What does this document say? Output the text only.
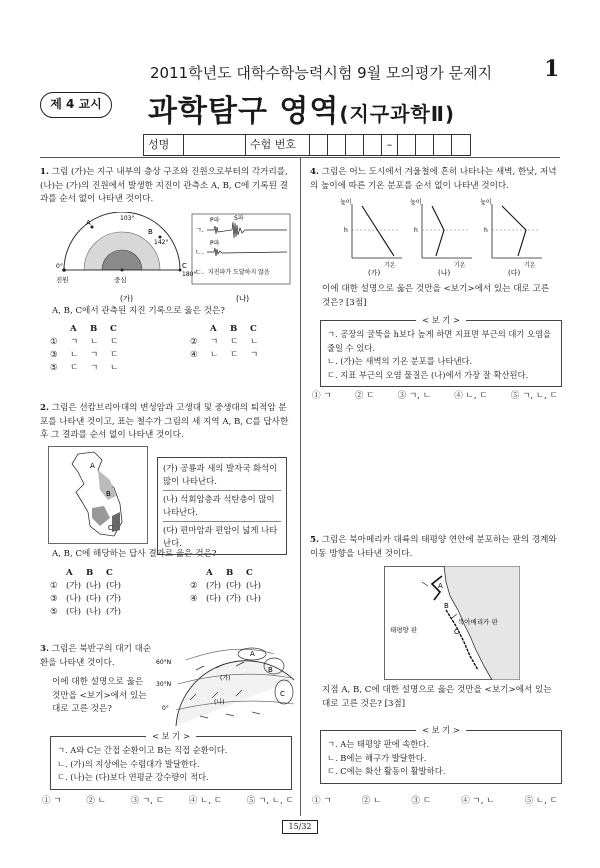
2011학년도 대학수학능력시험 9월 모의평가 문제지 1
제 4 교시	과학탐구 영역(지구과학Ⅱ)
성명	수험 번호	–
1. 그림 (가)는 지구 내부의 층상 구조와 진원으로부터의 각거리를, (나)는 (가)의 진원에서 발생한 지진이 관측소 A, B, C에 기록된 결과를 순서 없이 나타낸 것이다.
A
103°
B
142°
C
180°
0°
진원	중심
ㄱ.
P파 S파
ㄴ.
P파
ㄷ. 지진파가 도달하지 않음
(가)	(나)
A, B, C에서 관측된 지진 기록으로 옳은 것은?
A	B	C	A	B	C
①	ㄱ	ㄴ	ㄷ	②	ㄱ	ㄷ	ㄴ
③	ㄴ	ㄱ	ㄷ	④	ㄴ	ㄷ	ㄱ
⑤	ㄷ	ㄱ	ㄴ
2. 그림은 선캄브리아대의 변성암과 고생대 및 중생대의 퇴적암 분포를 나타낸 것이고, 표는 철수가 그림의 세 지역 A, B, C를 답사한 후 그 결과를 순서 없이 나타낸 것이다.
A
B
C
(가) 공룡과 새의 발자국 화석이 많이 나타난다.
(나) 석회암층과 석탄층이 많이 나타난다.
(다) 편마암과 편암이 넓게 나타난다.
A, B, C에 해당하는 답사 결과로 옳은 것은?
A	B	C	A	B	C
① (가) (나) (다)	② (가) (다) (나)
③ (나) (다) (가)	④ (다) (가) (나)
⑤ (다) (나) (가)
3. 그림은 북반구의 대기 대순환을 나타낸 것이다.
이에 대한 설명으로 옳은 것만을 <보기>에서 있는 대로 고른 것은?
A
B
C
60°N
30°N
0°
(가)
(나)
< 보 기 >
ㄱ. A와 C는 간접 순환이고 B는 직접 순환이다.
ㄴ. (가)의 지상에는 수렴대가 발달한다.
ㄷ. (나)는 (다)보다 연평균 강수량이 적다.
① ㄱ	② ㄴ	③ ㄱ, ㄷ	④ ㄴ, ㄷ	⑤ ㄱ, ㄴ, ㄷ
4. 그림은 어느 도시에서 겨울철에 흔히 나타나는 새벽, 한낮, 저녁의 높이에 따른 기온 분포를 순서 없이 나타낸 것이다.
높이
h
기온
(가)
높이
h
기온
(나)
높이
h
기온
(다)
이에 대한 설명으로 옳은 것만을 <보기>에서 있는 대로 고른 것은? [3점]
< 보 기 >
ㄱ. 공장의 굴뚝을 h보다 높게 하면 지표면 부근의 대기 오염을 줄일 수 있다.
ㄴ. (가)는 새벽의 기온 분포를 나타낸다.
ㄷ. 지표 부근의 오염 물질은 (나)에서 가장 잘 확산된다.
① ㄱ	② ㄷ	③ ㄱ, ㄴ	④ ㄴ, ㄷ	⑤ ㄱ, ㄴ, ㄷ
5. 그림은 북아메리카 대륙의 태평양 연안에 분포하는 판의 경계와 이동 방향을 나타낸 것이다.
A
B
C
태평양 판
북아메리카 판
지점 A, B, C에 대한 설명으로 옳은 것만을 <보기>에서 있는 대로 고른 것은? [3점]
< 보 기 >
ㄱ. A는 태평양 판에 속한다.
ㄴ. B에는 해구가 발달한다.
ㄷ. C에는 화산 활동이 활발하다.
① ㄱ	② ㄴ	③ ㄷ	④ ㄱ, ㄴ	⑤ ㄴ, ㄷ
15/32
